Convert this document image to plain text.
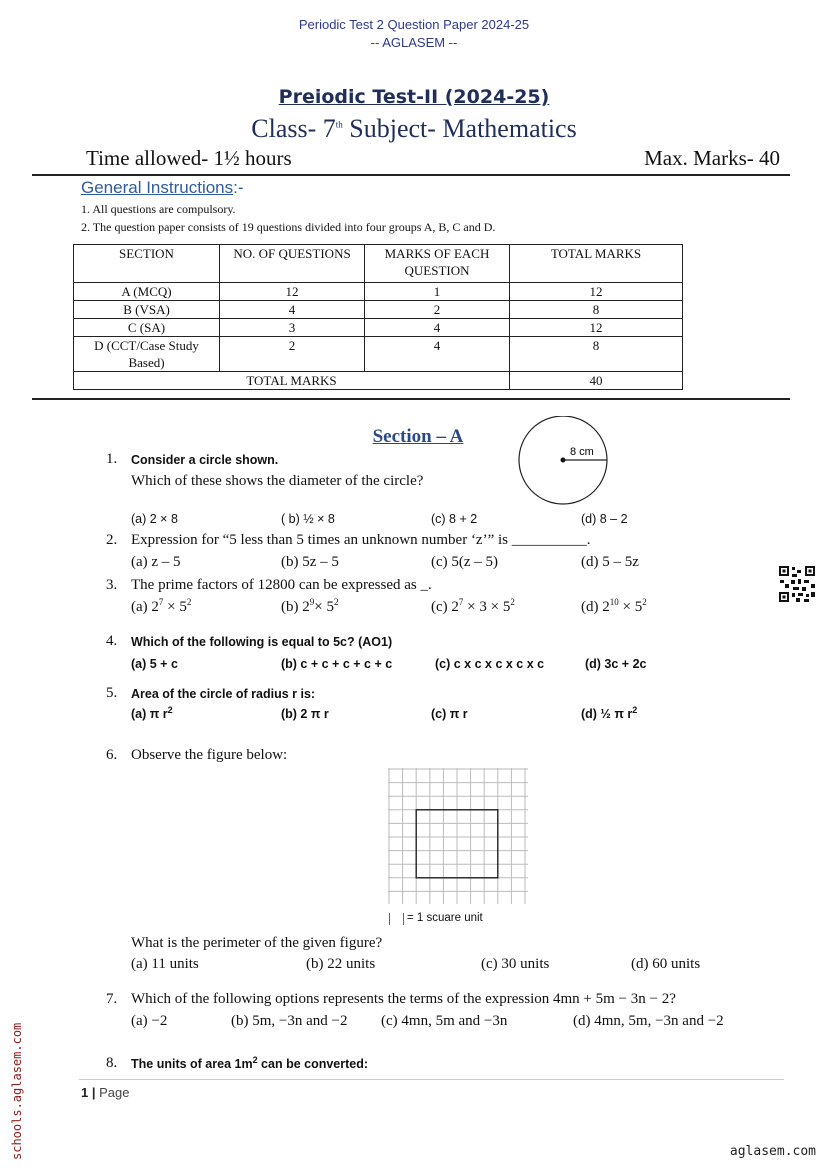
Periodic Test 2 Question Paper 2024-25
-- AGLASEM --
Preiodic Test-II (2024-25)
Class- 7th Subject- Mathematics
Time allowed- 1½ hours	Max. Marks- 40
General Instructions:-
1. All questions are compulsory.
2. The question paper consists of 19 questions divided into four groups A, B, C and D.
SECTION	NO. OF QUESTIONS	MARKS OF EACH QUESTION	TOTAL MARKS
A (MCQ)	12	1	12
B (VSA)	4	2	8
C (SA)	3	4	12
D (CCT/Case Study Based)	2	4	8
TOTAL MARKS			40
Section – A
8 cm
1. Consider a circle shown.
Which of these shows the diameter of the circle?
(a) 2 × 8	( b) ½ × 8	(c) 8 + 2	(d) 8 – 2
2. Expression for “5 less than 5 times an unknown number ‘z’” is __________.
(a) z – 5	(b) 5z – 5	(c) 5(z – 5)	(d) 5 – 5z
3. The prime factors of 12800 can be expressed as _.
(a) $2^7 \times 5^2$	(b) $2^9\times 5^2$	(c) $2^7 \times 3 \times 5^2$	(d) $2^{10} \times 5^2$
4. Which of the following is equal to 5c? (AO1)
(a) 5 + c	(b) c + c + c + c + c	(c) c x c x c x c x c	(d) 3c + 2c
5. Area of the circle of radius r is:
(a) π $r^2$	(b) 2 π r	(c) π r	(d) ½ π $r^2$
6. Observe the figure below:
= 1 scuare unit
What is the perimeter of the given figure?
(a) 11 units	(b) 22 units	(c) 30 units	(d) 60 units
7. Which of the following options represents the terms of the expression 4mn + 5m − 3n − 2?
(a) −2	(b) 5m, −3n and −2 (c) 4mn, 5m and −3n	(d) 4mn, 5m, −3n and −2
8. The units of area $1m^2$ can be converted:
1 | Page
schools.aglasem.com	aglasem.com
